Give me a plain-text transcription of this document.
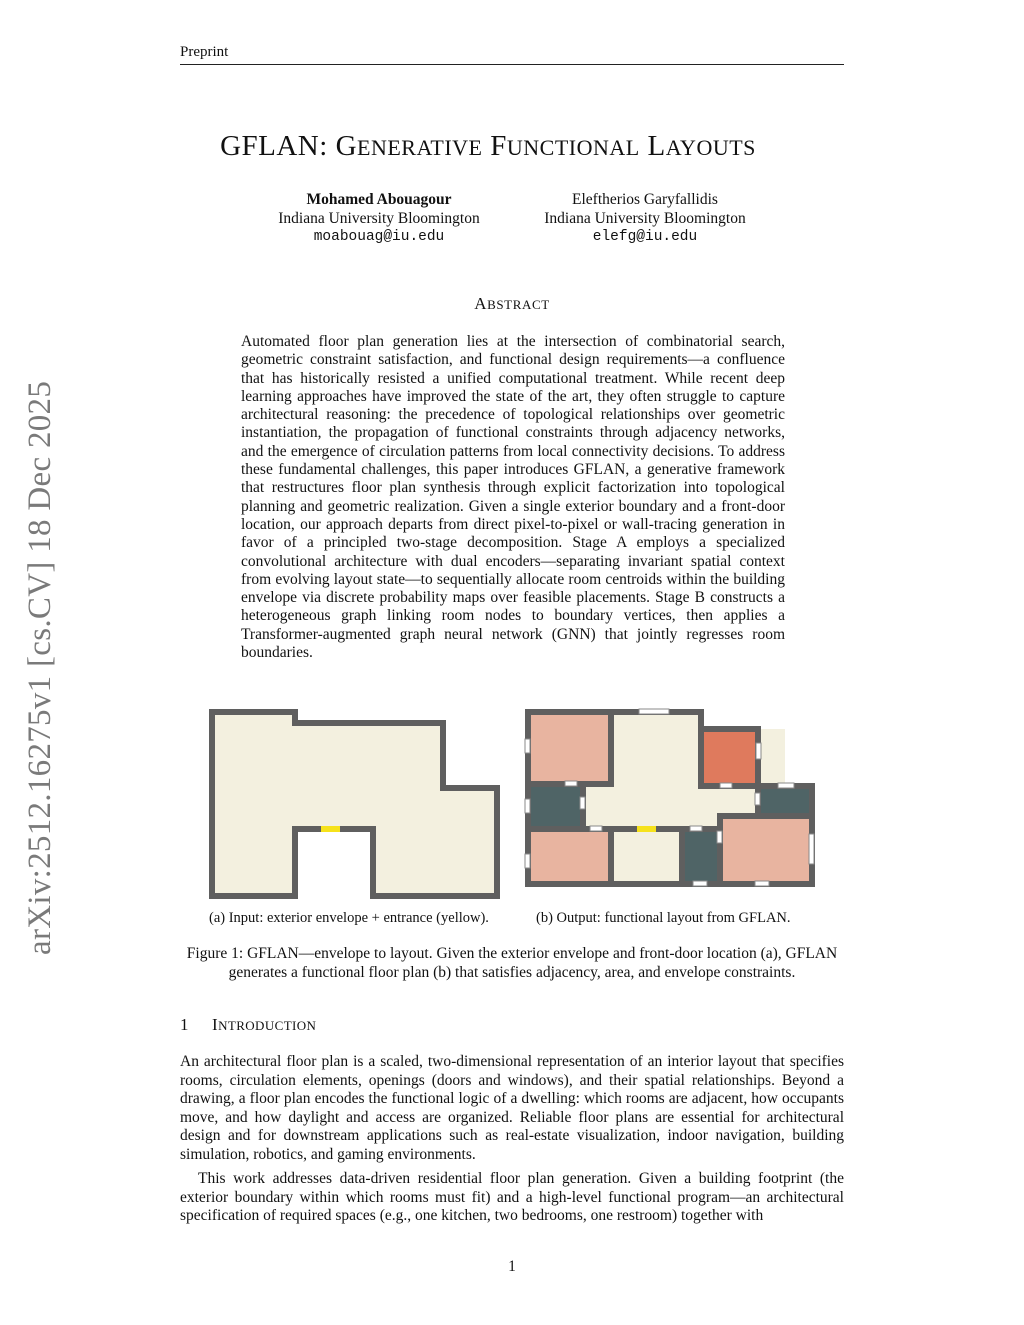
Preprint
GFLAN: GENERATIVE FUNCTIONAL LAYOUTS
Mohamed Abouagour
Indiana University Bloomington
moabouag@iu.edu
Eleftherios Garyfallidis
Indiana University Bloomington
elefg@iu.edu
ABSTRACT
Automated floor plan generation lies at the intersection of combinatorial search, geometric constraint satisfaction, and functional design requirements—a confluence that has historically resisted a unified computational treatment. While recent deep learning approaches have improved the state of the art, they often struggle to capture architectural reasoning: the precedence of topological relationships over geometric instantiation, the propagation of functional constraints through adjacency networks, and the emergence of circulation patterns from local connectivity decisions. To address these fundamental challenges, this paper introduces GFLAN, a generative framework that restructures floor plan synthesis through explicit factorization into topological planning and geometric realization. Given a single exterior boundary and a front-door location, our approach departs from direct pixel-to-pixel or wall-tracing generation in favor of a principled two-stage decomposition. Stage A employs a specialized convolutional architecture with dual encoders—separating invariant spatial context from evolving layout state—to sequentially allocate room centroids within the building envelope via discrete probability maps over feasible placements. Stage B constructs a heterogeneous graph linking room nodes to boundary vertices, then applies a Transformer-augmented graph neural network (GNN) that jointly regresses room boundaries.
arXiv:2512.16275v1 [cs.CV] 18 Dec 2025	(a) Input: exterior envelope + entrance (yellow).	(b) Output: functional layout from GFLAN.
Figure 1: GFLAN—envelope to layout. Given the exterior envelope and front-door location (a), GFLAN generates a functional floor plan (b) that satisfies adjacency, area, and envelope constraints.
1 INTRODUCTION
An architectural floor plan is a scaled, two-dimensional representation of an interior layout that specifies rooms, circulation elements, openings (doors and windows), and their spatial relationships. Beyond a drawing, a floor plan encodes the functional logic of a dwelling: which rooms are adjacent, how occupants move, and how daylight and access are organized. Reliable floor plans are essential for architectural design and for downstream applications such as real-estate visualization, indoor navigation, building simulation, robotics, and gaming environments.
This work addresses data-driven residential floor plan generation. Given a building footprint (the exterior boundary within which rooms must fit) and a high-level functional program—an architectural specification of required spaces (e.g., one kitchen, two bedrooms, one restroom) together with
1
